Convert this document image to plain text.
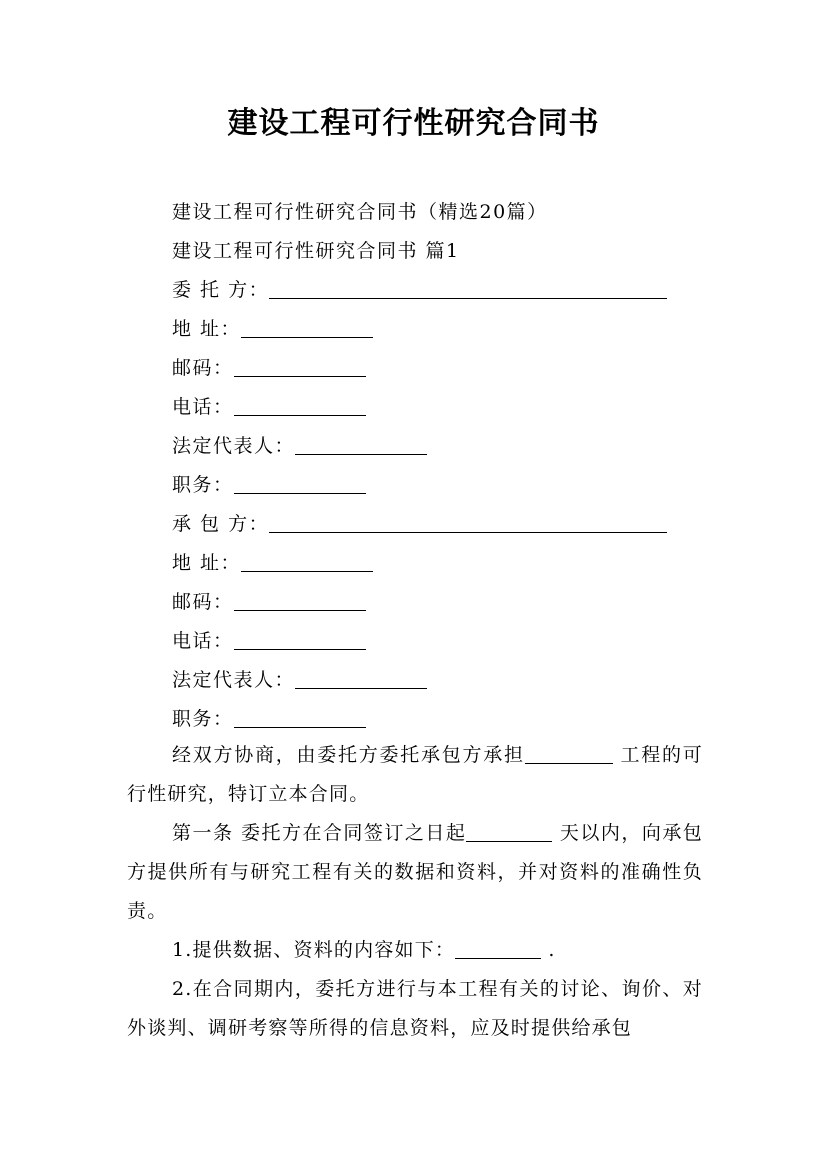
建设工程可行性研究合同书
建设工程可行性研究合同书（精选20篇）
建设工程可行性研究合同书 篇1
委 托 方：
地 址：
邮码：
电话：
法定代表人：
职务：
承 包 方：
地 址：
邮码：
电话：
法定代表人：
职务：
经双方协商，由委托方委托承包方承担	工程的可行性研究，特订立本合同。
第一条 委托方在合同签订之日起	天以内，向承包方提供所有与研究工程有关的数据和资料，并对资料的准确性负责。
1.提供数据、资料的内容如下：	.
2.在合同期内，委托方进行与本工程有关的讨论、询价、对外谈判、调研考察等所得的信息资料，应及时提供给承包
